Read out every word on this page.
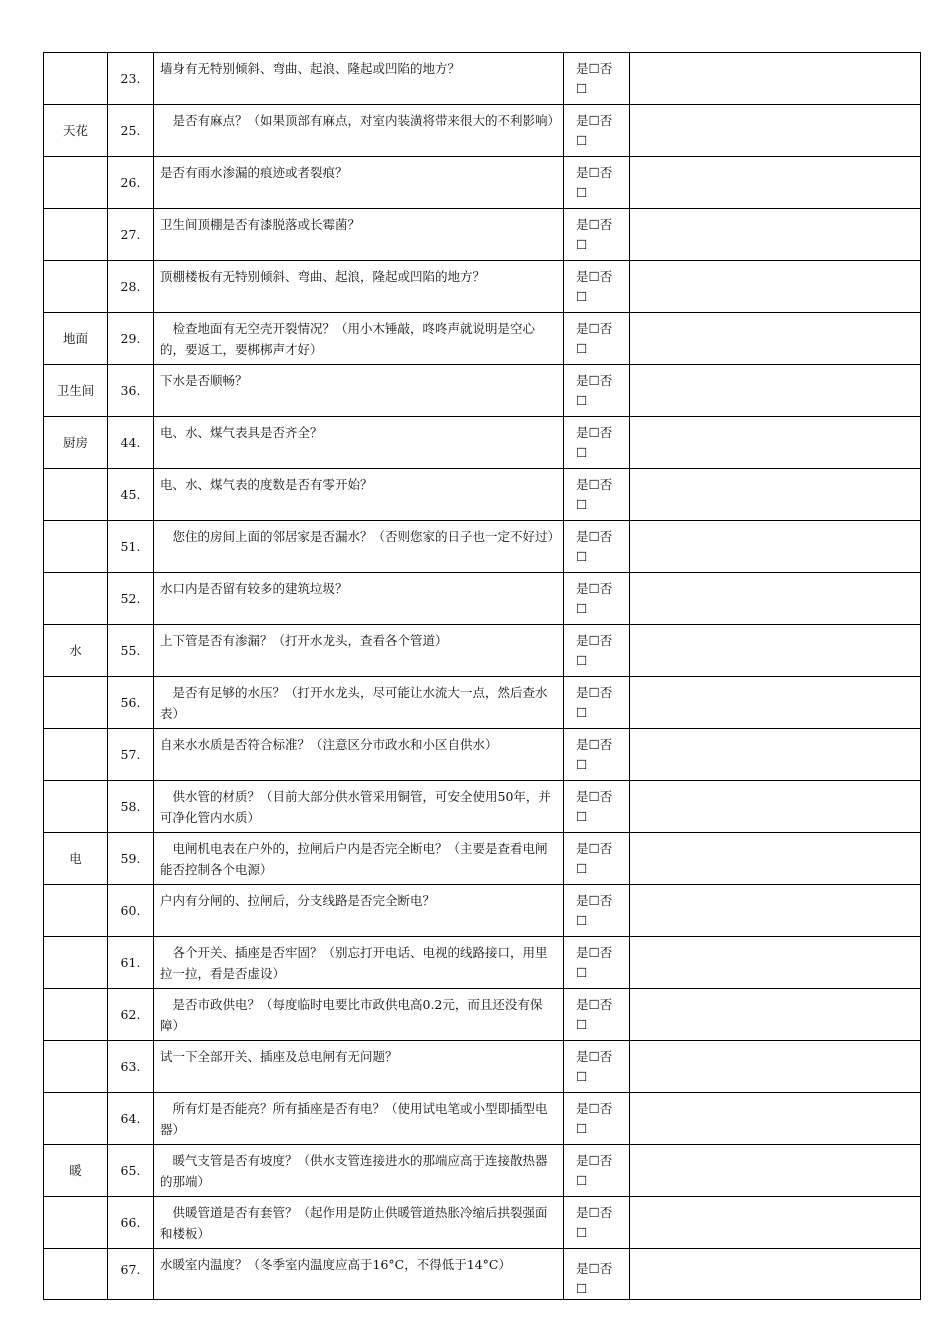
	23.	墙身有无特别倾斜、弯曲、起浪、隆起或凹陷的地方？	是☐否
☐	
天花	25.	　是否有麻点？（如果顶部有麻点，对室内装潢将带来很大的不利影响）	是☐否
☐	
	26.	是否有雨水渗漏的痕迹或者裂痕？	是☐否
☐	
	27.	卫生间顶棚是否有漆脱落或长霉菌？	是☐否
☐	
	28.	顶棚楼板有无特别倾斜、弯曲、起浪，隆起或凹陷的地方？	是☐否
☐	
地面	29.	　检查地面有无空壳开裂情况？（用小木锤敲，咚咚声就说明是空心的，要返工，要梆梆声才好）	是☐否
☐	
卫生间	36.	下水是否顺畅？	是☐否
☐	
厨房	44.	电、水、煤气表具是否齐全？	是☐否
☐	
	45.	电、水、煤气表的度数是否有零开始？	是☐否
☐	
	51.	　您住的房间上面的邻居家是否漏水？（否则您家的日子也一定不好过）	是☐否
☐	
	52.	水口内是否留有较多的建筑垃圾？	是☐否
☐	
水	55.	上下管是否有渗漏？（打开水龙头，查看各个管道）	是☐否
☐	
	56.	　是否有足够的水压？（打开水龙头，尽可能让水流大一点，然后查水表）	是☐否
☐	
	57.	自来水水质是否符合标准？（注意区分市政水和小区自供水）	是☐否
☐	
	58.	　供水管的材质？（目前大部分供水管采用铜管，可安全使用50年，并可净化管内水质）	是☐否
☐	
电	59.	　电闸机电表在户外的，拉闸后户内是否完全断电？（主要是查看电闸能否控制各个电源）	是☐否
☐	
	60.	户内有分闸的、拉闸后，分支线路是否完全断电？	是☐否
☐	
	61.	　各个开关、插座是否牢固？（别忘打开电话、电视的线路接口，用里拉一拉，看是否虚设）	是☐否
☐	
	62.	　是否市政供电？（每度临时电要比市政供电高0.2元，而且还没有保障）	是☐否
☐	
	63.	试一下全部开关、插座及总电闸有无问题？	是☐否
☐	
	64.	　所有灯是否能亮？所有插座是否有电？（使用试电笔或小型即插型电器）	是☐否
☐	
暖	65.	　暖气支管是否有坡度？（供水支管连接进水的那端应高于连接散热器的那端）	是☐否
☐	
	66.	　供暖管道是否有套管？（起作用是防止供暖管道热胀冷缩后拱裂强面和楼板）	是☐否
☐	
	67.	水暖室内温度？（冬季室内温度应高于16°C，不得低于14°C）	是☐否
☐	
